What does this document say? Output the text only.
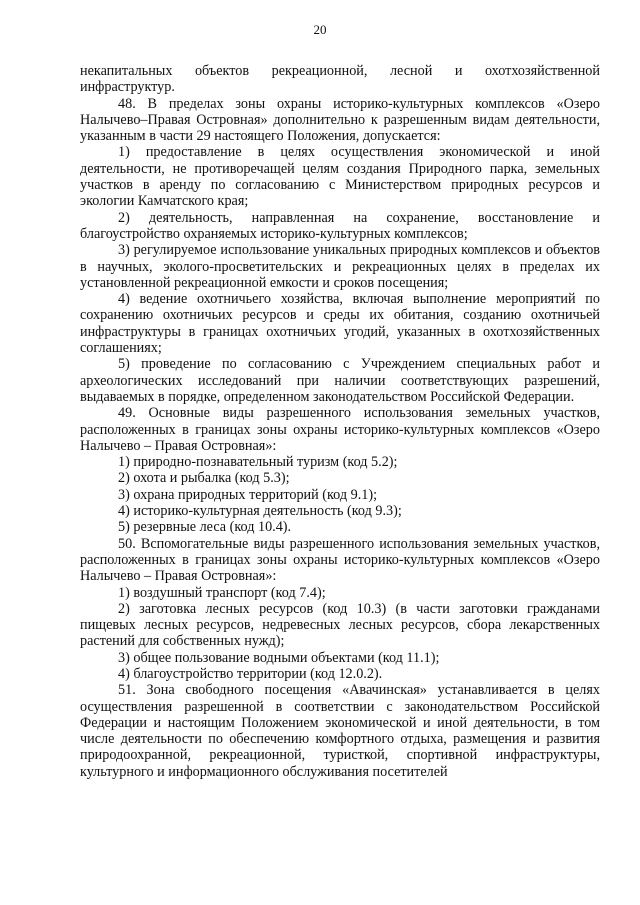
20

некапитальных объектов рекреационной, лесной и охотхозяйственной инфраструктур.

48. В пределах зоны охраны историко-культурных комплексов «Озеро Налычево–Правая Островная» дополнительно к разрешенным видам деятельности, указанным в части 29 настоящего Положения, допускается:

1) предоставление в целях осуществления экономической и иной деятельности, не противоречащей целям создания Природного парка, земельных участков в аренду по согласованию с Министерством природных ресурсов и экологии Камчатского края;

2) деятельность, направленная на сохранение, восстановление и благоустройство охраняемых историко-культурных комплексов;

3) регулируемое использование уникальных природных комплексов и объектов в научных, эколого-просветительских и рекреационных целях в пределах их установленной рекреационной емкости и сроков посещения;

4) ведение охотничьего хозяйства, включая выполнение мероприятий по сохранению охотничьих ресурсов и среды их обитания, созданию охотничьей инфраструктуры в границах охотничьих угодий, указанных в охотхозяйственных соглашениях;

5) проведение по согласованию с Учреждением специальных работ и археологических исследований при наличии соответствующих разрешений, выдаваемых в порядке, определенном законодательством Российской Федерации.

49. Основные виды разрешенного использования земельных участков, расположенных в границах зоны охраны историко-культурных комплексов «Озеро Налычево – Правая Островная»:

1) природно-познавательный туризм (код 5.2);

2) охота и рыбалка (код 5.3);

3) охрана природных территорий (код 9.1);

4) историко-культурная деятельность (код 9.3);

5) резервные леса (код 10.4).

50. Вспомогательные виды разрешенного использования земельных участков, расположенных в границах зоны охраны историко-культурных комплексов «Озеро Налычево – Правая Островная»:

1) воздушный транспорт (код 7.4);

2) заготовка лесных ресурсов (код 10.3) (в части заготовки гражданами пищевых лесных ресурсов, недревесных лесных ресурсов, сбора лекарственных растений для собственных нужд);

3) общее пользование водными объектами (код 11.1);

4) благоустройство территории (код 12.0.2).

51. Зона свободного посещения «Авачинская» устанавливается в целях осуществления разрешенной в соответствии с законодательством Российской Федерации и настоящим Положением экономической и иной деятельности, в том числе деятельности по обеспечению комфортного отдыха, размещения и развития природоохранной, рекреационной, туристкой, спортивной инфраструктуры, культурного и информационного обслуживания посетителей
